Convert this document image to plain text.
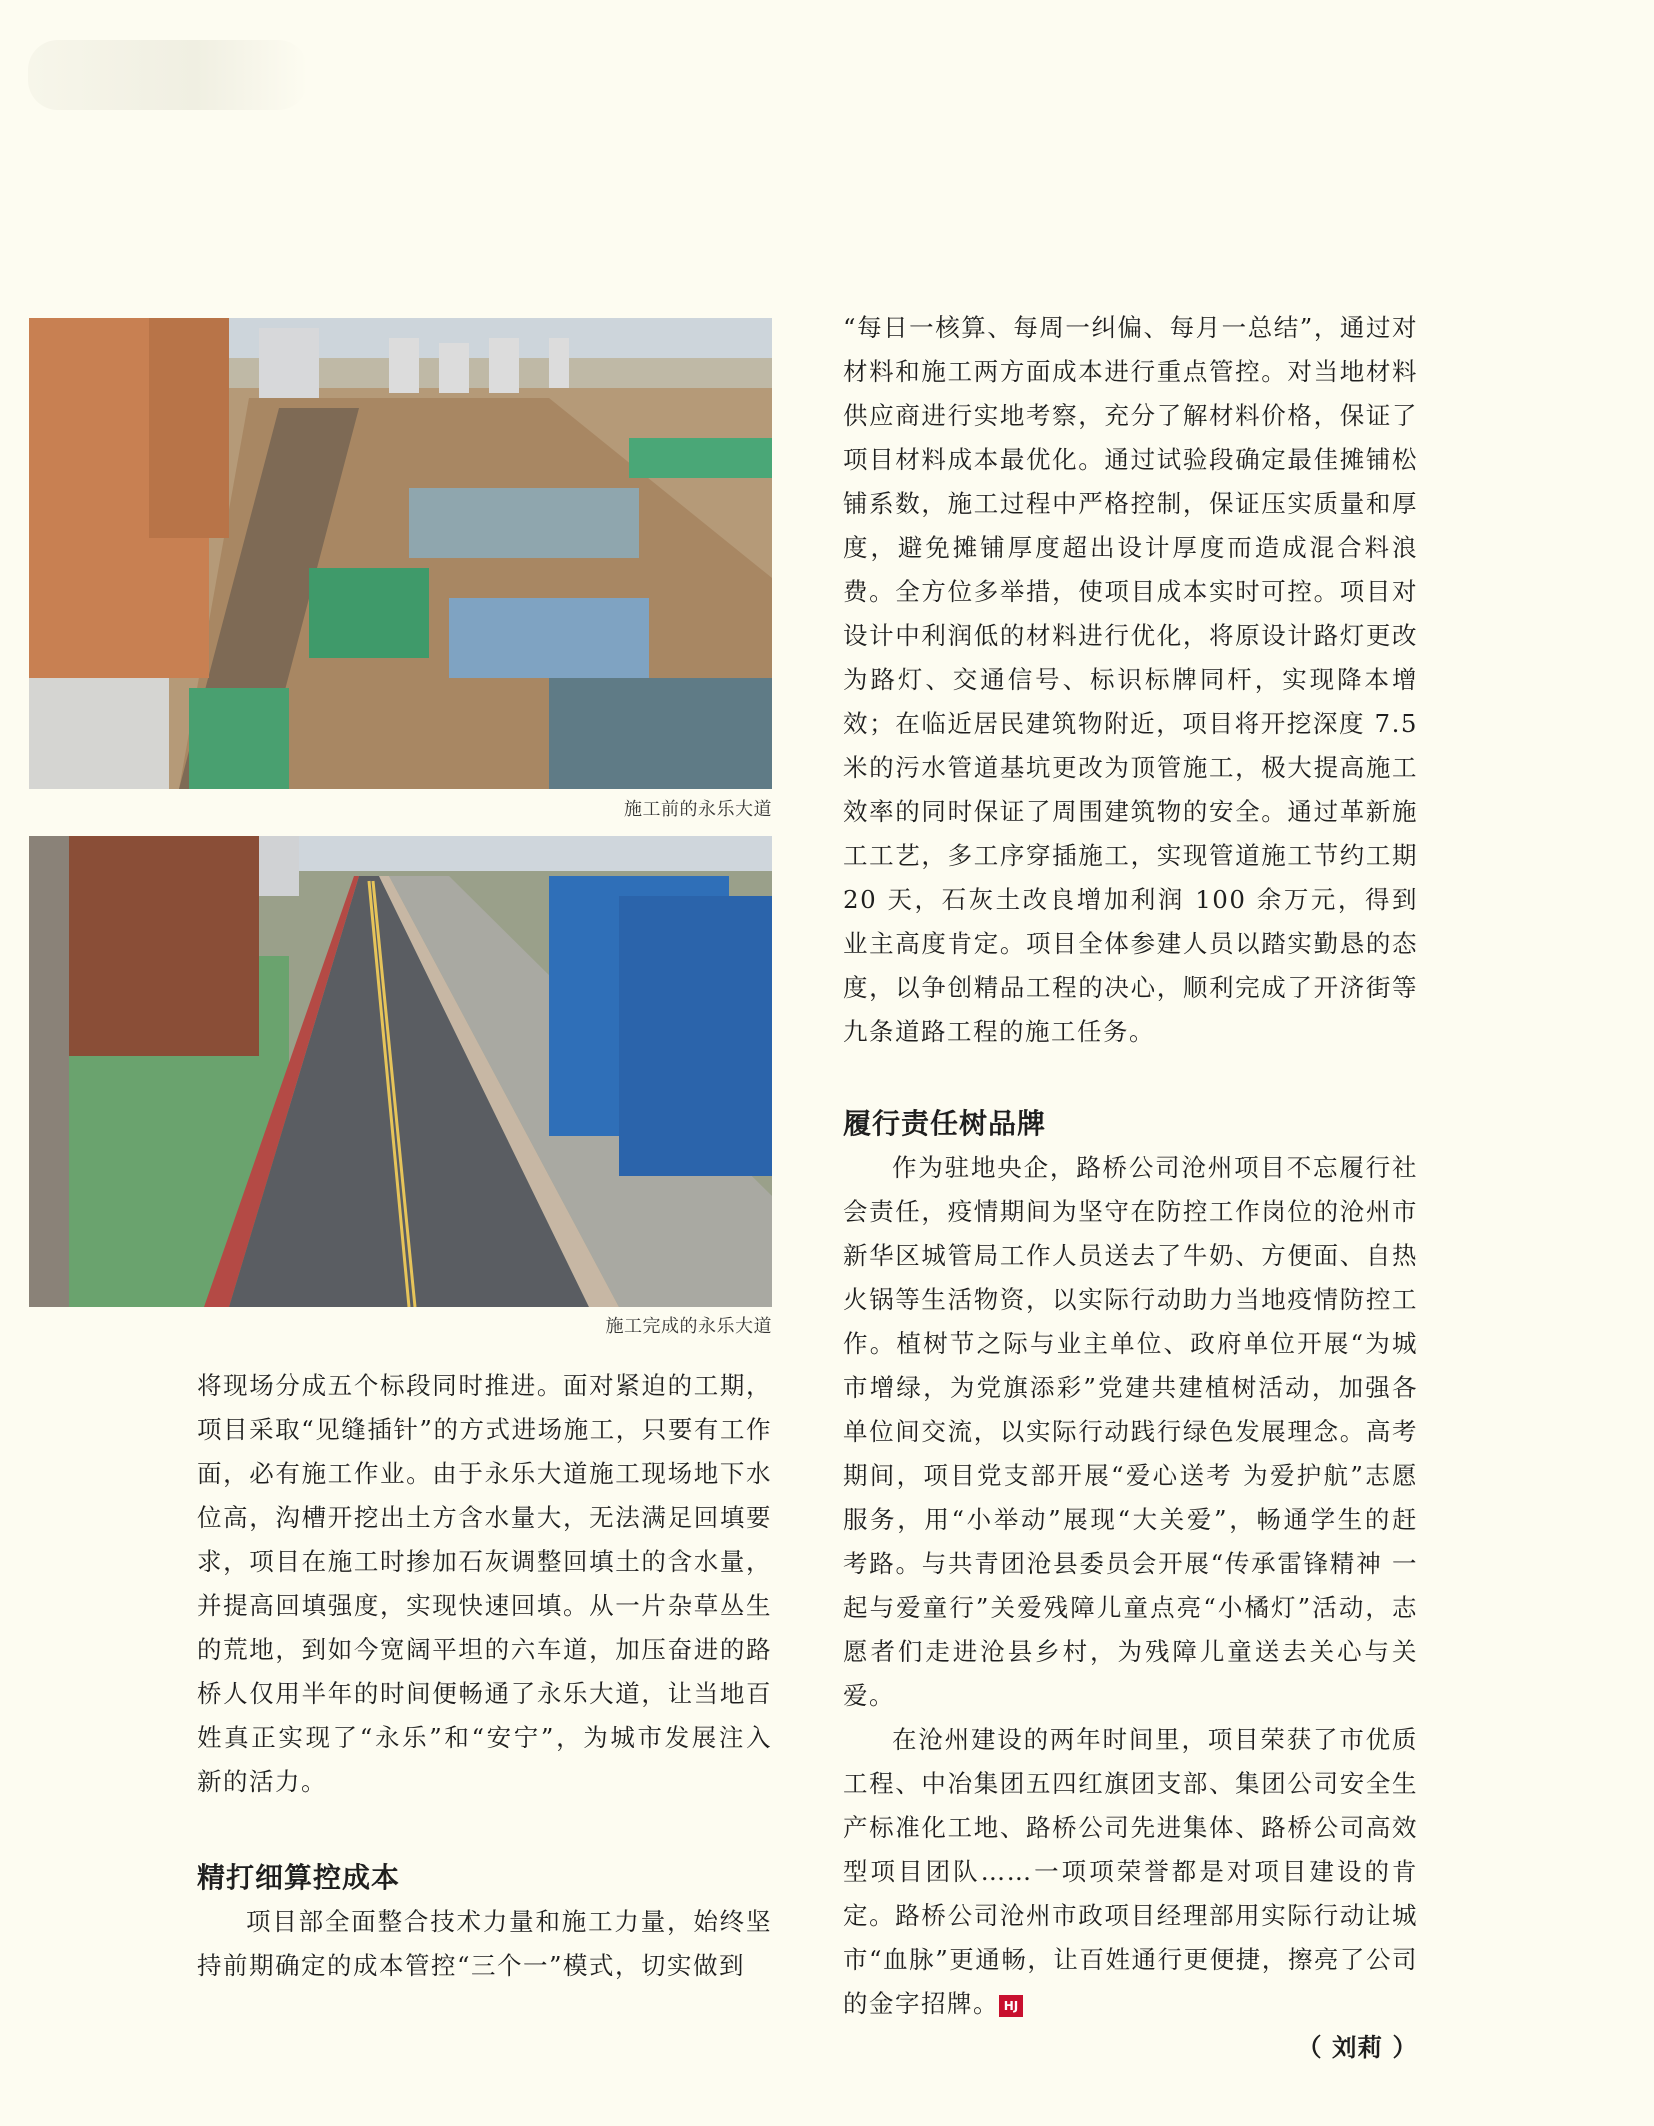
施工前的永乐大道
施工完成的永乐大道

将现场分成五个标段同时推进。面对紧迫的工期，项目采取“见缝插针”的方式进场施工，只要有工作面，必有施工作业。由于永乐大道施工现场地下水位高，沟槽开挖出土方含水量大，无法满足回填要求，项目在施工时掺加石灰调整回填土的含水量，并提高回填强度，实现快速回填。从一片杂草丛生的荒地，到如今宽阔平坦的六车道，加压奋进的路桥人仅用半年的时间便畅通了永乐大道，让当地百姓真正实现了“永乐”和“安宁”，为城市发展注入新的活力。

精打细算控成本

项目部全面整合技术力量和施工力量，始终坚持前期确定的成本管控“三个一”模式，切实做到

“每日一核算、每周一纠偏、每月一总结”，通过对材料和施工两方面成本进行重点管控。对当地材料供应商进行实地考察，充分了解材料价格，保证了项目材料成本最优化。通过试验段确定最佳摊铺松铺系数，施工过程中严格控制，保证压实质量和厚度，避免摊铺厚度超出设计厚度而造成混合料浪费。全方位多举措，使项目成本实时可控。项目对设计中利润低的材料进行优化，将原设计路灯更改为路灯、交通信号、标识标牌同杆，实现降本增效；在临近居民建筑物附近，项目将开挖深度 7.5 米的污水管道基坑更改为顶管施工，极大提高施工效率的同时保证了周围建筑物的安全。通过革新施工工艺，多工序穿插施工，实现管道施工节约工期 20 天，石灰土改良增加利润 100 余万元，得到业主高度肯定。项目全体参建人员以踏实勤恳的态度，以争创精品工程的决心，顺利完成了开济街等九条道路工程的施工任务。

履行责任树品牌

作为驻地央企，路桥公司沧州项目不忘履行社会责任，疫情期间为坚守在防控工作岗位的沧州市新华区城管局工作人员送去了牛奶、方便面、自热火锅等生活物资，以实际行动助力当地疫情防控工作。植树节之际与业主单位、政府单位开展“为城市增绿，为党旗添彩”党建共建植树活动，加强各单位间交流，以实际行动践行绿色发展理念。高考期间，项目党支部开展“爱心送考 为爱护航”志愿服务，用“小举动”展现“大关爱”，畅通学生的赶考路。与共青团沧县委员会开展“传承雷锋精神 一起与爱童行”关爱残障儿童点亮“小橘灯”活动，志愿者们走进沧县乡村，为残障儿童送去关心与关爱。

在沧州建设的两年时间里，项目荣获了市优质工程、中冶集团五四红旗团支部、集团公司安全生产标准化工地、路桥公司先进集体、路桥公司高效型项目团队……一项项荣誉都是对项目建设的肯定。路桥公司沧州市政项目经理部用实际行动让城市“血脉”更通畅，让百姓通行更便捷，擦亮了公司的金字招牌。 HJ

（ 刘莉 ）
